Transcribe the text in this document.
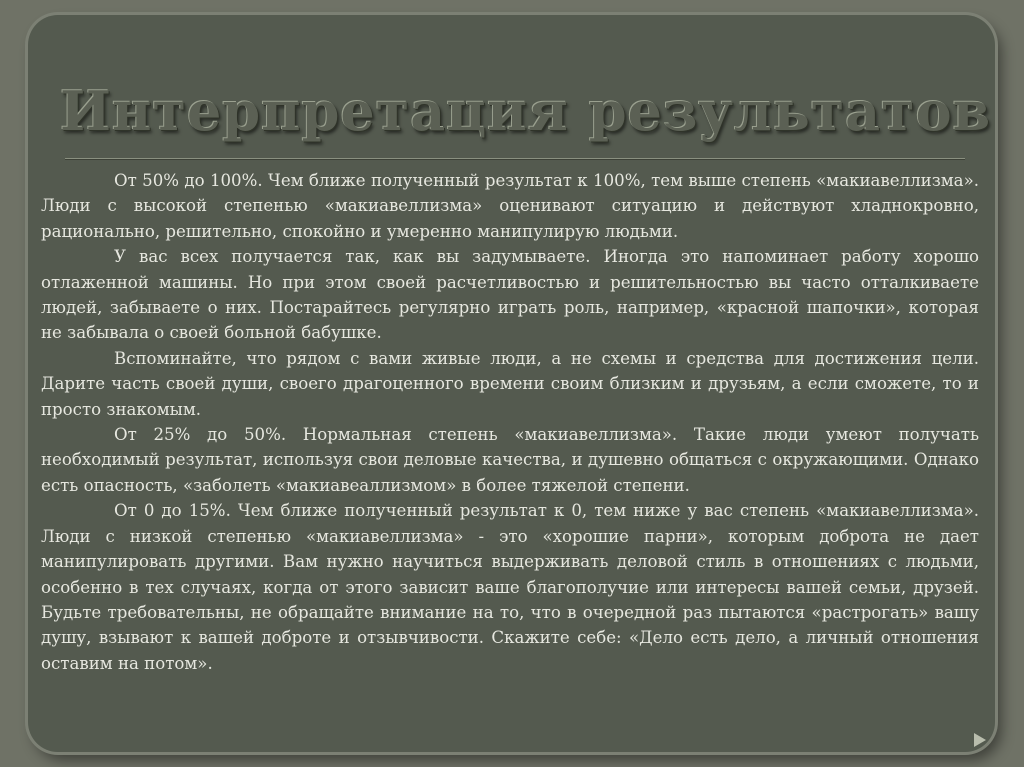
Интерпретация результатов

От 50% до 100%. Чем ближе полученный результат к 100%, тем выше степень «макиавеллизма». Люди с высокой степенью «макиавеллизма» оценивают ситуацию и действуют хладнокровно, рационально, решительно, спокойно и умеренно манипулирую людьми.

У вас всех получается так, как вы задумываете. Иногда это напоминает работу хорошо отлаженной машины. Но при этом своей расчетливостью и решительностью вы часто отталкиваете людей, забываете о них. Постарайтесь регулярно играть роль, например, «красной шапочки», которая не забывала о своей больной бабушке.

Вспоминайте, что рядом с вами живые люди, а не схемы и средства для достижения цели. Дарите часть своей души, своего драгоценного времени своим близким и друзьям, а если сможете, то и просто знакомым.

От 25% до 50%. Нормальная степень «макиавеллизма». Такие люди умеют получать необходимый результат, используя свои деловые качества, и душевно общаться с окружающими. Однако есть опасность, «заболеть «макиавеаллизмом» в более тяжелой степени.

От 0 до 15%. Чем ближе полученный результат к 0, тем ниже у вас степень «макиавеллизма». Люди с низкой степенью «макиавеллизма» - это «хорошие парни», которым доброта не дает манипулировать другими. Вам нужно научиться выдерживать деловой стиль в отношениях с людьми, особенно в тех случаях, когда от этого зависит ваше благополучие или интересы вашей семьи, друзей. Будьте требовательны, не обращайте внимание на то, что в очередной раз пытаются «растрогать» вашу душу, взывают к вашей доброте и отзывчивости. Скажите себе: «Дело есть дело, а личный отношения оставим на потом».
